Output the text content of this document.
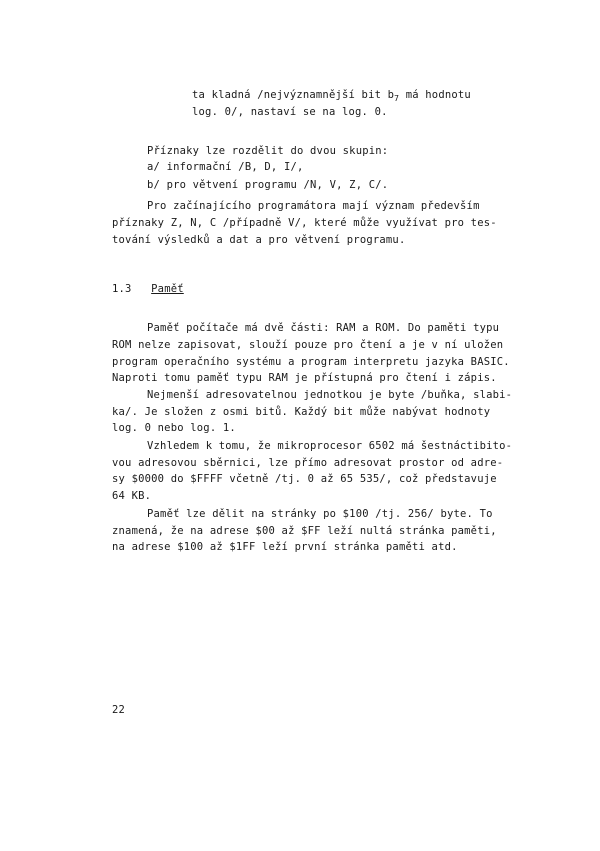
ta kladná /nejvýznamnější bit $b_7$ má hodnotu
log. 0/, nastaví se na log. 0.
Příznaky lze rozdělit do dvou skupin:
a/ informační /B, D, I/,
b/ pro větvení programu /N, V, Z, C/.
Pro začínajícího programátora mají význam především
příznaky Z, N, C /případně V/, které může využívat pro tes-
tování výsledků a dat a pro větvení programu.
1.3 Paměť
Paměť počítače má dvě části: RAM a ROM. Do paměti typu
ROM nelze zapisovat, slouží pouze pro čtení a je v ní uložen
program operačního systému a program interpretu jazyka BASIC.
Naproti tomu paměť typu RAM je přístupná pro čtení i zápis.
Nejmenší adresovatelnou jednotkou je byte /buňka, slabi-
ka/. Je složen z osmi bitů. Každý bit může nabývat hodnoty
log. 0 nebo log. 1.
Vzhledem k tomu, že mikroprocesor 6502 má šestnáctibito-
vou adresovou sběrnici, lze přímo adresovat prostor od adre-
sy $0000 do $FFFF včetně /tj. 0 až 65 535/, což představuje
64 KB.
Paměť lze dělit na stránky po $100 /tj. 256/ byte. To
znamená, že na adrese $00 až $FF leží nultá stránka paměti,
na adrese $100 až $1FF leží první stránka paměti atd.
22
